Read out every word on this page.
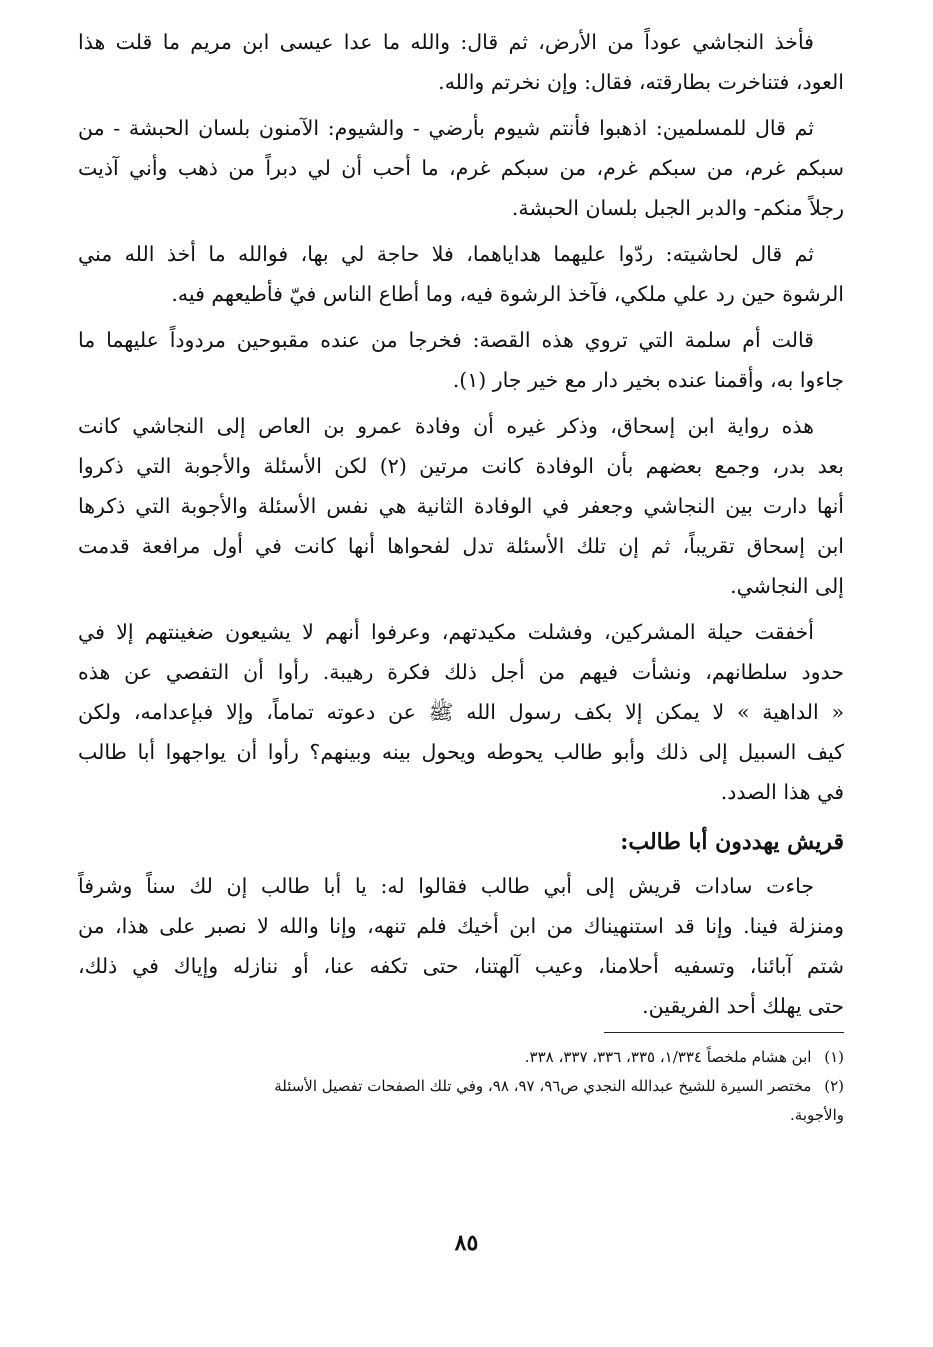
فأخذ النجاشي عوداً من الأرض، ثم قال: والله ما عدا عيسى ابن مريم ما قلت هذا
العود، فتناخرت بطارقته، فقال: وإن نخرتم والله.
ثم قال للمسلمين: اذهبوا فأنتم شيوم بأرضي - والشيوم: الآمنون بلسان الحبشة - من
سبكم غرم، من سبكم غرم، من سبكم غرم، ما أحب أن لي دبراً من ذهب وأني آذيت
رجلاً منكم- والدبر الجبل بلسان الحبشة.
ثم قال لحاشيته: ردّوا عليهما هداياهما، فلا حاجة لي بها، فوالله ما أخذ الله مني
الرشوة حين رد علي ملكي، فآخذ الرشوة فيه، وما أطاع الناس فيّ فأطيعهم فيه.
قالت أم سلمة التي تروي هذه القصة: فخرجا من عنده مقبوحين مردوداً عليهما ما
جاءوا به، وأقمنا عنده بخير دار مع خير جار (١).
هذه رواية ابن إسحاق، وذكر غيره أن وفادة عمرو بن العاص إلى النجاشي كانت
بعد بدر، وجمع بعضهم بأن الوفادة كانت مرتين (٢) لكن الأسئلة والأجوبة التي ذكروا
أنها دارت بين النجاشي وجعفر في الوفادة الثانية هي نفس الأسئلة والأجوبة التي ذكرها
ابن إسحاق تقريباً، ثم إن تلك الأسئلة تدل لفحواها أنها كانت في أول مرافعة قدمت
إلى النجاشي.
أخفقت حيلة المشركين، وفشلت مكيدتهم، وعرفوا أنهم لا يشيعون ضغينتهم إلا في
حدود سلطانهم، ونشأت فيهم من أجل ذلك فكرة رهيبة. رأوا أن التفصي عن هذه
« الداهية » لا يمكن إلا بكف رسول الله ﷺ عن دعوته تماماً، وإلا فبإعدامه، ولكن
كيف السبيل إلى ذلك وأبو طالب يحوطه ويحول بينه وبينهم؟ رأوا أن يواجهوا أبا طالب
في هذا الصدد.
قريش يهددون أبا طالب:
جاءت سادات قريش إلى أبي طالب فقالوا له: يا أبا طالب إن لك سناً وشرفاً
ومنزلة فينا. وإنا قد استنهيناك من ابن أخيك فلم تنهه، وإنا والله لا نصبر على هذا، من
شتم آبائنا، وتسفيه أحلامنا، وعيب آلهتنا، حتى تكفه عنا، أو ننازله وإياك في ذلك،
حتى يهلك أحد الفريقين.
(١) ابن هشام ملخصاً ١/٣٣٤، ٣٣٥، ٣٣٦، ٣٣٧، ٣٣٨.
(٢) مختصر السيرة للشيخ عبدالله النجدي ص٩٦، ٩٧، ٩٨، وفي تلك الصفحات تفصيل الأسئلة
والأجوبة.
٨٥
